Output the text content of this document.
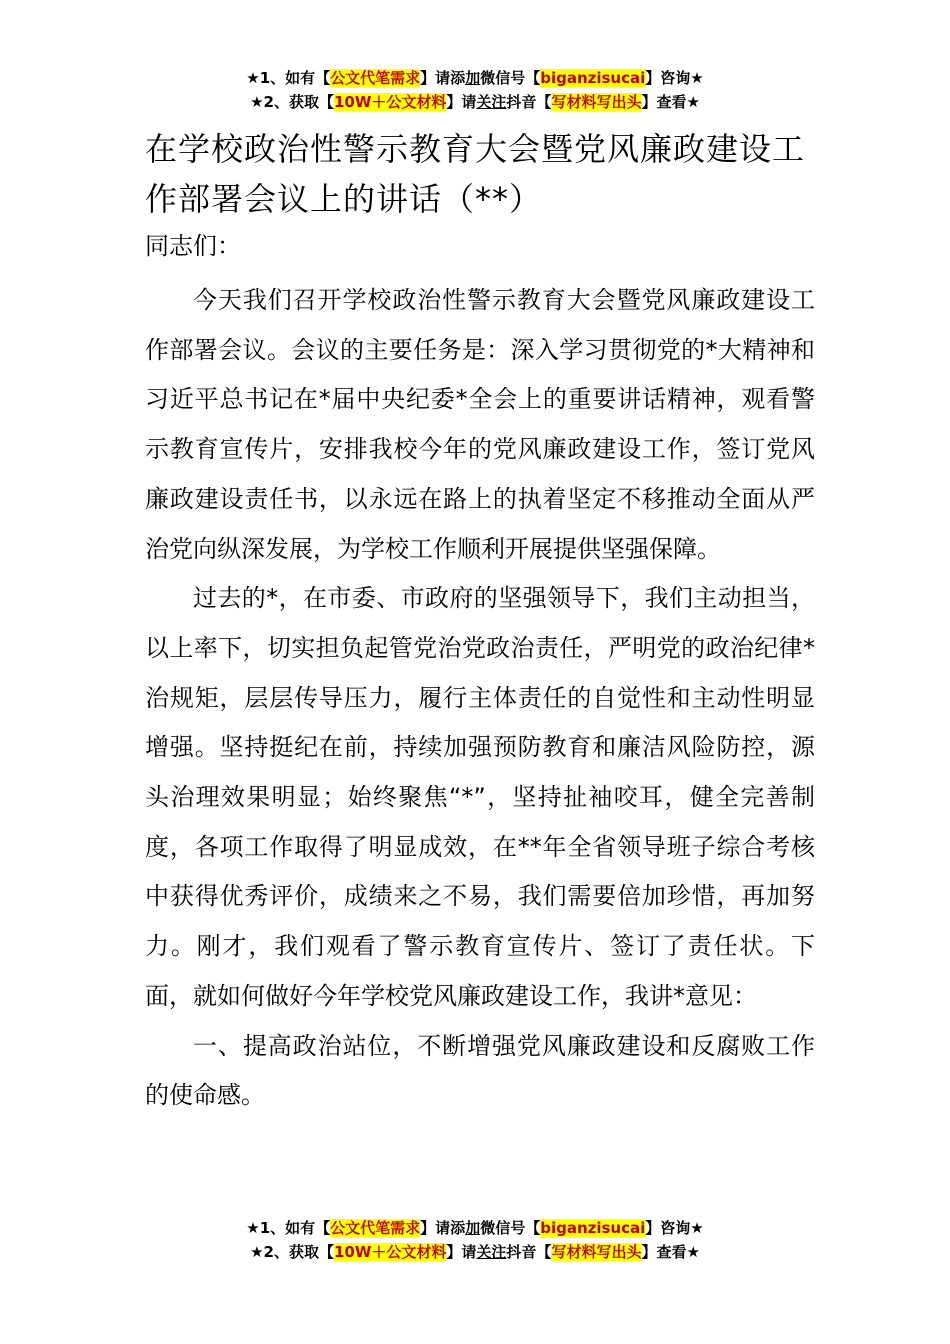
★1、如有【公文代笔需求】请添加微信号【biganzisucai】咨询★
★2、获取【10W＋公文材料】请关注抖音【写材料写出头】查看★
在学校政治性警示教育大会暨党风廉政建设工作部署会议上的讲话（**）

同志们：

今天我们召开学校政治性警示教育大会暨党风廉政建设工作部署会议。会议的主要任务是：深入学习贯彻党的*大精神和习近平总书记在*届中央纪委*全会上的重要讲话精神，观看警示教育宣传片，安排我校今年的党风廉政建设工作，签订党风廉政建设责任书，以永远在路上的执着坚定不移推动全面从严治党向纵深发展，为学校工作顺利开展提供坚强保障。

过去的*，在市委、市政府的坚强领导下，我们主动担当，以上率下，切实担负起管党治党政治责任，严明党的政治纪律*治规矩，层层传导压力，履行主体责任的自觉性和主动性明显增强。坚持挺纪在前，持续加强预防教育和廉洁风险防控，源头治理效果明显；始终聚焦“*”，坚持扯袖咬耳，健全完善制度，各项工作取得了明显成效，在**年全省领导班子综合考核中获得优秀评价，成绩来之不易，我们需要倍加珍惜，再加努力。刚才，我们观看了警示教育宣传片、签订了责任状。下面，就如何做好今年学校党风廉政建设工作，我讲*意见：

一、提高政治站位，不断增强党风廉政建设和反腐败工作的使命感。

★1、如有【公文代笔需求】请添加微信号【biganzisucai】咨询★
★2、获取【10W＋公文材料】请关注抖音【写材料写出头】查看★
